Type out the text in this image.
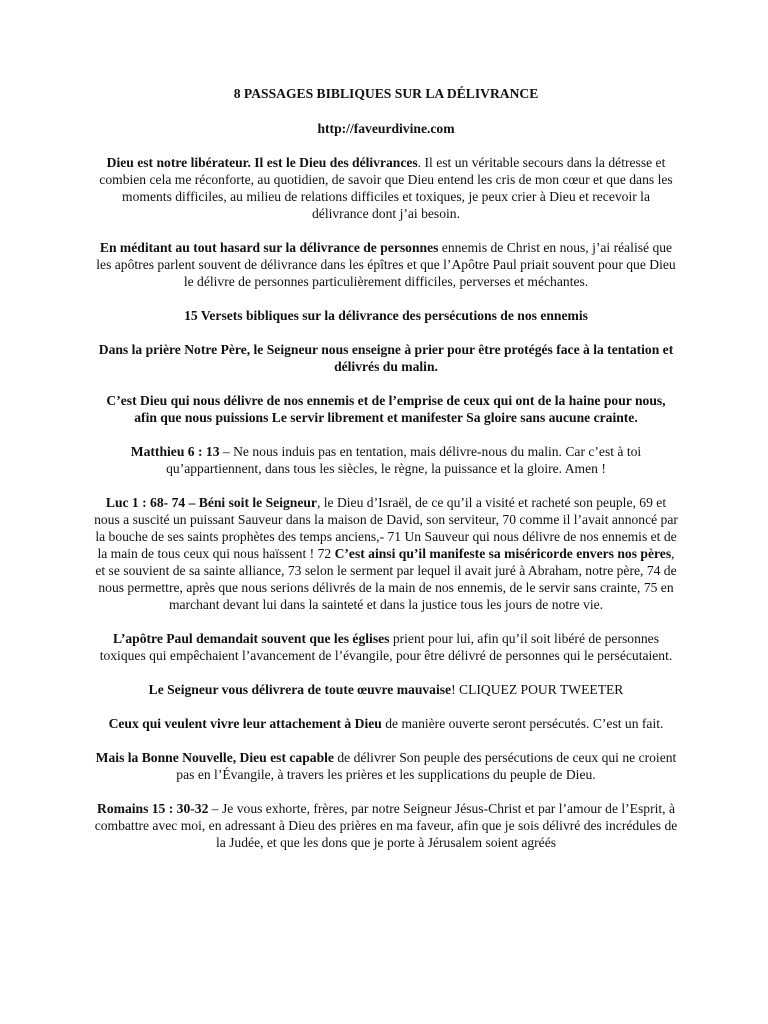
8 PASSAGES BIBLIQUES SUR LA DÉLIVRANCE
http://faveurdivine.com

Dieu est notre libérateur. Il est le Dieu des délivrances. Il est un véritable secours dans la détresse et combien cela me réconforte, au quotidien, de savoir que Dieu entend les cris de mon cœur et que dans les moments difficiles, au milieu de relations difficiles et toxiques, je peux crier à Dieu et recevoir la délivrance dont j’ai besoin.

En méditant au tout hasard sur la délivrance de personnes ennemis de Christ en nous, j’ai réalisé que les apôtres parlent souvent de délivrance dans les épîtres et que l’Apôtre Paul priait souvent pour que Dieu le délivre de personnes particulièrement difficiles, perverses et méchantes.

15 Versets bibliques sur la délivrance des persécutions de nos ennemis

Dans la prière Notre Père, le Seigneur nous enseigne à prier pour être protégés face à la tentation et délivrés du malin.

C’est Dieu qui nous délivre de nos ennemis et de l’emprise de ceux qui ont de la haine pour nous, afin que nous puissions Le servir librement et manifester Sa gloire sans aucune crainte.

Matthieu 6 : 13 – Ne nous induis pas en tentation, mais délivre-nous du malin. Car c’est à toi qu’appartiennent, dans tous les siècles, le règne, la puissance et la gloire. Amen !

Luc 1 : 68- 74 – Béni soit le Seigneur, le Dieu d’Israël, de ce qu’il a visité et racheté son peuple, 69 et nous a suscité un puissant Sauveur dans la maison de David, son serviteur, 70 comme il l’avait annoncé par la bouche de ses saints prophètes des temps anciens,- 71 Un Sauveur qui nous délivre de nos ennemis et de la main de tous ceux qui nous haïssent ! 72 C’est ainsi qu’il manifeste sa miséricorde envers nos pères, et se souvient de sa sainte alliance, 73 selon le serment par lequel il avait juré à Abraham, notre père, 74 de nous permettre, après que nous serions délivrés de la main de nos ennemis, de le servir sans crainte, 75 en marchant devant lui dans la sainteté et dans la justice tous les jours de notre vie.

L’apôtre Paul demandait souvent que les églises prient pour lui, afin qu’il soit libéré de personnes toxiques qui empêchaient l’avancement de l’évangile, pour être délivré de personnes qui le persécutaient.

Le Seigneur vous délivrera de toute œuvre mauvaise! CLIQUEZ POUR TWEETER

Ceux qui veulent vivre leur attachement à Dieu de manière ouverte seront persécutés. C’est un fait.

Mais la Bonne Nouvelle, Dieu est capable de délivrer Son peuple des persécutions de ceux qui ne croient pas en l’Évangile, à travers les prières et les supplications du peuple de Dieu.

Romains 15 : 30-32 – Je vous exhorte, frères, par notre Seigneur Jésus-Christ et par l’amour de l’Esprit, à combattre avec moi, en adressant à Dieu des prières en ma faveur, afin que je sois délivré des incrédules de la Judée, et que les dons que je porte à Jérusalem soient agréés
